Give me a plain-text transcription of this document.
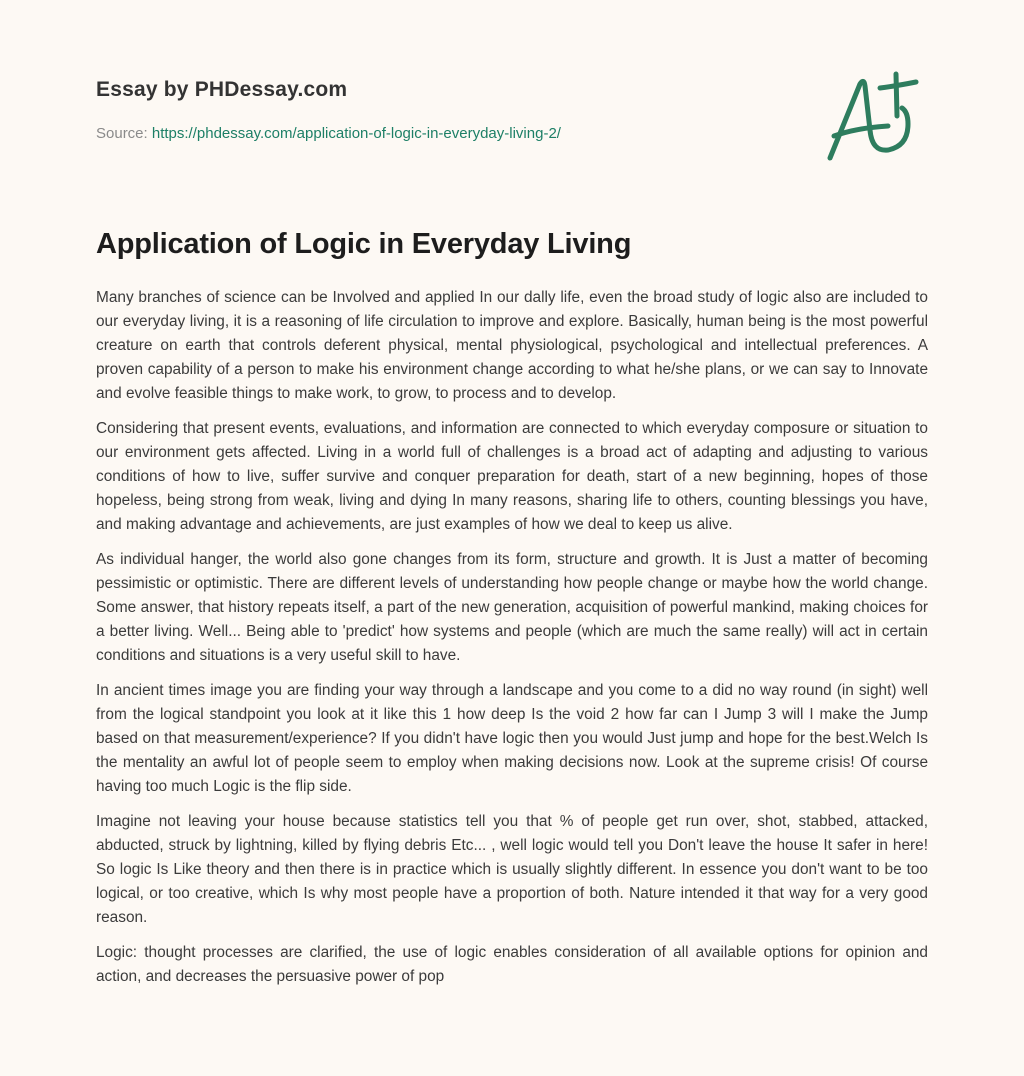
Essay by PHDessay.com
Source: https://phdessay.com/application-of-logic-in-everyday-living-2/
Application of Logic in Everyday Living

Many branches of science can be Involved and applied In our dally life, even the broad study of logic also are included to our everyday living, it is a reasoning of life circulation to improve and explore. Basically, human being is the most powerful creature on earth that controls deferent physical, mental physiological, psychological and intellectual preferences. A proven capability of a person to make his environment change according to what he/she plans, or we can say to Innovate and evolve feasible things to make work, to grow, to process and to develop.

Considering that present events, evaluations, and information are connected to which everyday composure or situation to our environment gets affected. Living in a world full of challenges is a broad act of adapting and adjusting to various conditions of how to live, suffer survive and conquer preparation for death, start of a new beginning, hopes of those hopeless, being strong from weak, living and dying In many reasons, sharing life to others, counting blessings you have, and making advantage and achievements, are just examples of how we deal to keep us alive.

As individual hanger, the world also gone changes from its form, structure and growth. It is Just a matter of becoming pessimistic or optimistic. There are different levels of understanding how people change or maybe how the world change. Some answer, that history repeats itself, a part of the new generation, acquisition of powerful mankind, making choices for a better living. Well... Being able to 'predict' how systems and people (which are much the same really) will act in certain conditions and situations is a very useful skill to have.

In ancient times image you are finding your way through a landscape and you come to a did no way round (in sight) well from the logical standpoint you look at it like this 1 how deep Is the void 2 how far can I Jump 3 will I make the Jump based on that measurement/experience? If you didn't have logic then you would Just jump and hope for the best.Welch Is the mentality an awful lot of people seem to employ when making decisions now. Look at the supreme crisis! Of course having too much Logic is the flip side.

Imagine not leaving your house because statistics tell you that % of people get run over, shot, stabbed, attacked, abducted, struck by lightning, killed by flying debris Etc... , well logic would tell you Don't leave the house It safer in here! So logic Is Like theory and then there is in practice which is usually slightly different. In essence you don't want to be too logical, or too creative, which Is why most people have a proportion of both. Nature intended it that way for a very good reason.

Logic: thought processes are clarified, the use of logic enables consideration of all available options for opinion and action, and decreases the persuasive power of pop
